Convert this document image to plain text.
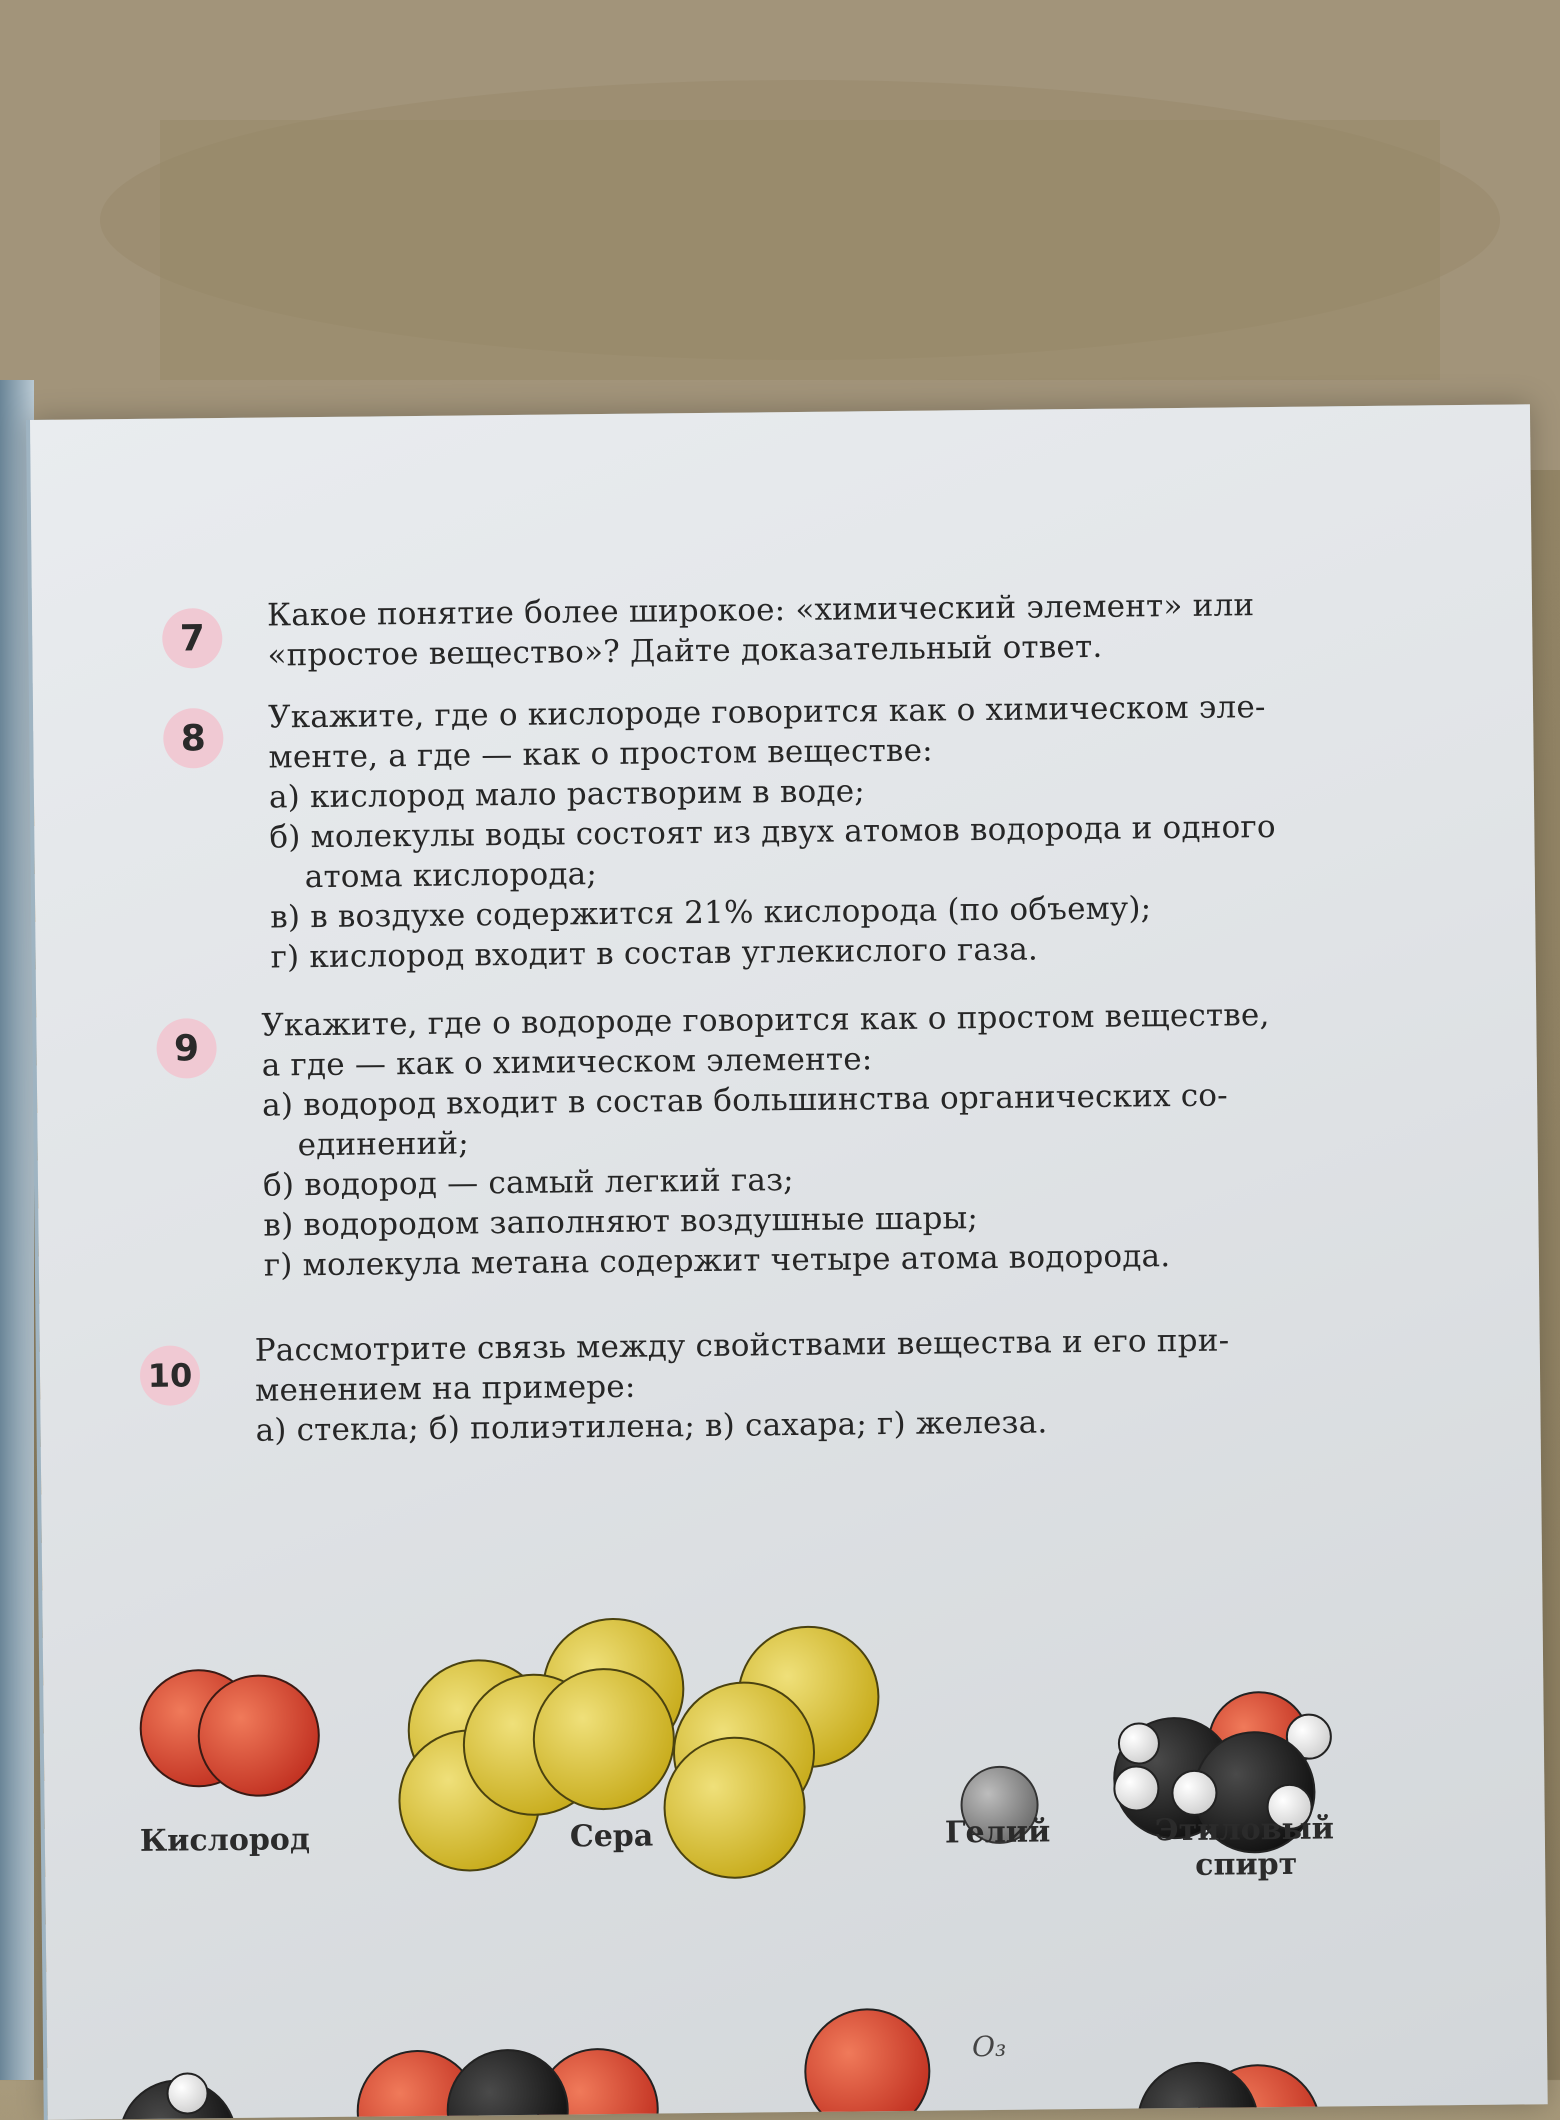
7
Какое понятие более широкое: «химический элемент» или
«простое вещество»? Дайте доказательный ответ.
8
Укажите, где о кислороде говорится как о химическом эле-
менте, а где — как о простом веществе:
а) кислород мало растворим в воде;
б) молекулы воды состоят из двух атомов водорода и одного
атома кислорода;
в) в воздухе содержится 21% кислорода (по объему);
г) кислород входит в состав углекислого газа.
9
Укажите, где о водороде говорится как о простом веществе,
а где — как о химическом элементе:
а) водород входит в состав большинства органических со-
единений;
б) водород — самый легкий газ;
в) водородом заполняют воздушные шары;
г) молекула метана содержит четыре атома водорода.
10
Рассмотрите связь между свойствами вещества и его при-
менением на примере:
а) стекла; б) полиэтилена; в) сахара; г) железа.
Кислород	Сера	Гелий	Этиловый
спирт
O₃
